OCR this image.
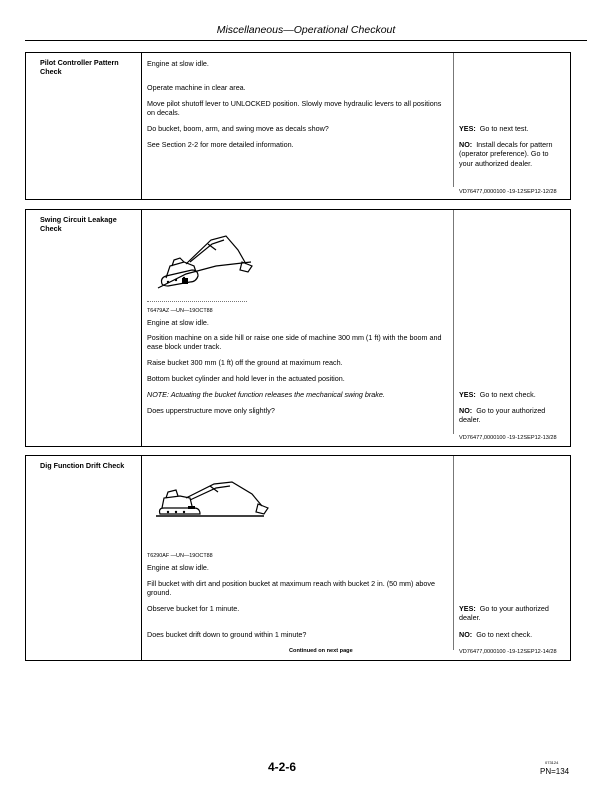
Miscellaneous—Operational Checkout
Pilot Controller Pattern Check
Engine at slow idle.
Operate machine in clear area.
Move pilot shutoff lever to UNLOCKED position. Slowly move hydraulic levers to all positions on decals.
Do bucket, boom, arm, and swing move as decals show?
See Section 2-2 for more detailed information.
YES: Go to next test.
NO: Install decals for pattern (operator preference). Go to your authorized dealer.
VD76477,0000100 -19-12SEP12-12/28
Swing Circuit Leakage Check
T6479AZ —UN—19OCT88
Engine at slow idle.
Position machine on a side hill or raise one side of machine 300 mm (1 ft) with the boom and ease block under track.
Raise bucket 300 mm (1 ft) off the ground at maximum reach.
Bottom bucket cylinder and hold lever in the actuated position.
NOTE: Actuating the bucket function releases the mechanical swing brake.
Does upperstructure move only slightly?
YES: Go to next check.
NO: Go to your authorized dealer.
VD76477,0000100 -19-12SEP12-13/28
Dig Function Drift Check
T6290AF —UN—19OCT88
Engine at slow idle.
Fill bucket with dirt and position bucket at maximum reach with bucket 2 in. (50 mm) above ground.
Observe bucket for 1 minute.
Does bucket drift down to ground within 1 minute?
YES: Go to your authorized dealer.
NO: Go to next check.
Continued on next page	VD76477,0000100 -19-12SEP12-14/28
4-2-6	073124
PN=134
